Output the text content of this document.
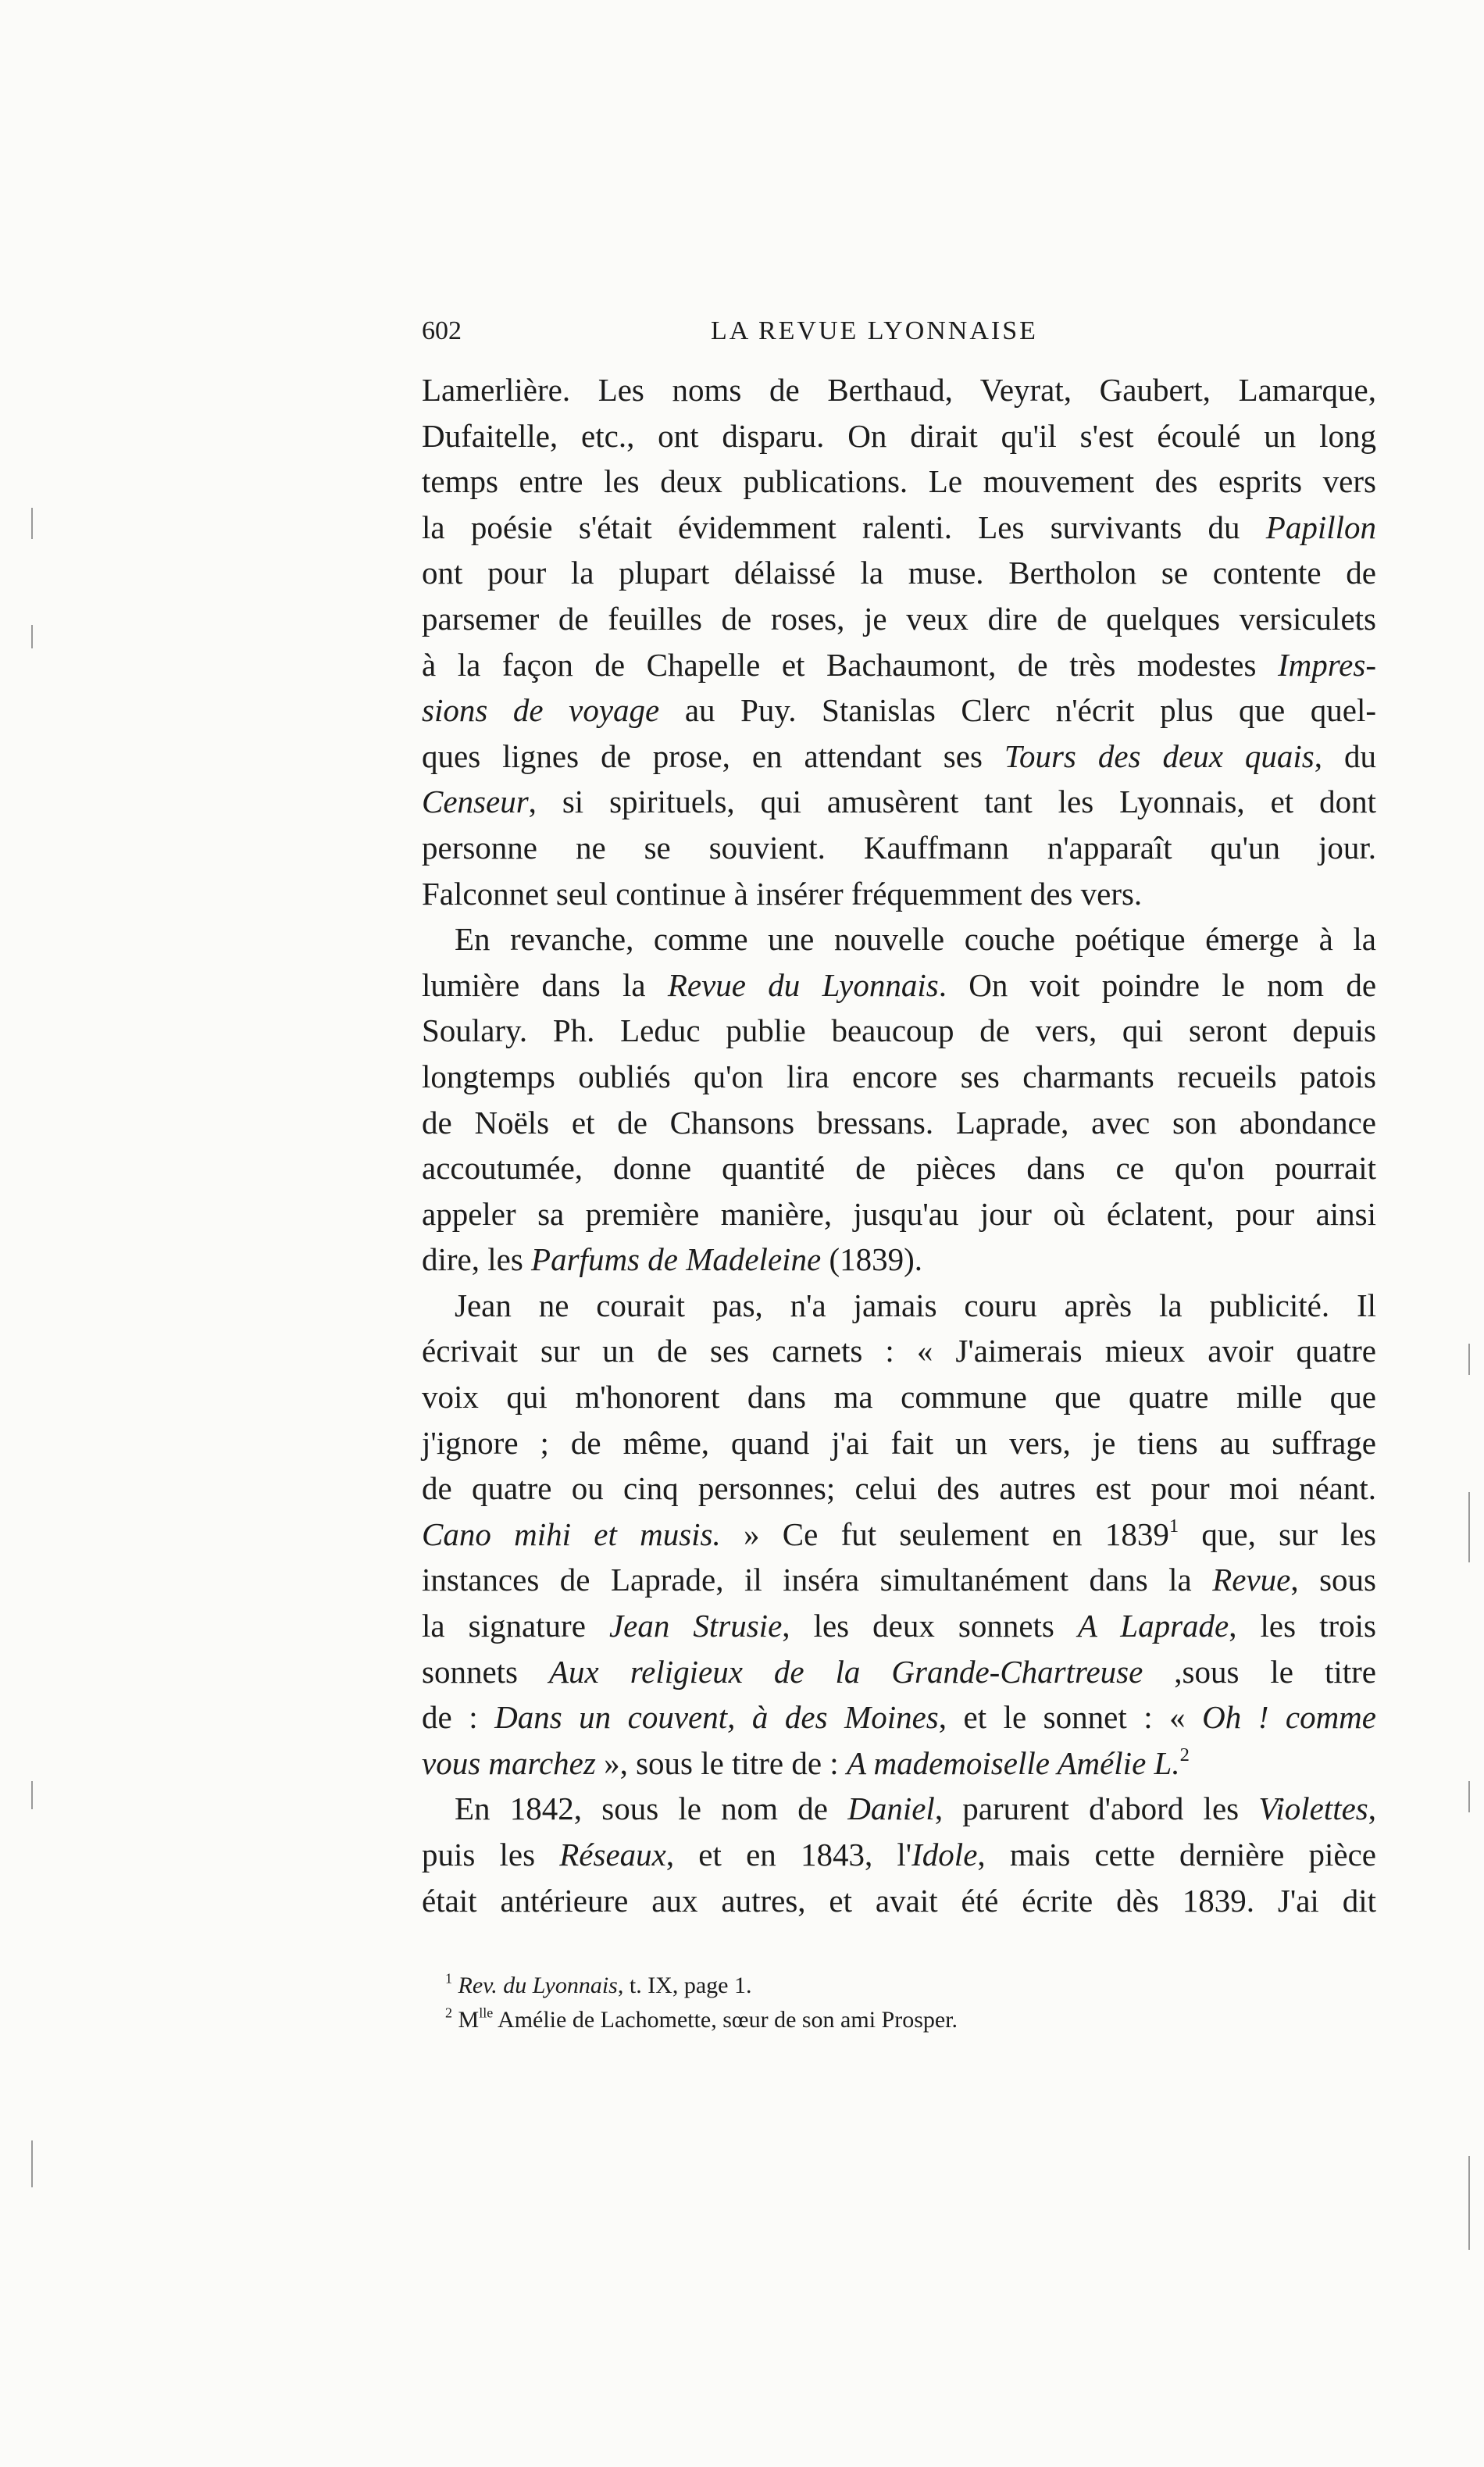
602	LA REVUE LYONNAISE
Lamerlière. Les noms de Berthaud, Veyrat, Gaubert, Lamarque,
Dufaitelle, etc., ont disparu. On dirait qu'il s'est écoulé un long
temps entre les deux publications. Le mouvement des esprits vers
la poésie s'était évidemment ralenti. Les survivants du Papillon
ont pour la plupart délaissé la muse. Bertholon se contente de
parsemer de feuilles de roses, je veux dire de quelques versiculets
à la façon de Chapelle et Bachaumont, de très modestes Impres-
sions de voyage au Puy. Stanislas Clerc n'écrit plus que quel-
ques lignes de prose, en attendant ses Tours des deux quais, du
Censeur, si spirituels, qui amusèrent tant les Lyonnais, et dont
personne ne se souvient. Kauffmann n'apparaît qu'un jour.
Falconnet seul continue à insérer fréquemment des vers.
En revanche, comme une nouvelle couche poétique émerge à la
lumière dans la Revue du Lyonnais. On voit poindre le nom de
Soulary. Ph. Leduc publie beaucoup de vers, qui seront depuis
longtemps oubliés qu'on lira encore ses charmants recueils patois
de Noëls et de Chansons bressans. Laprade, avec son abondance
accoutumée, donne quantité de pièces dans ce qu'on pourrait
appeler sa première manière, jusqu'au jour où éclatent, pour ainsi
dire, les Parfums de Madeleine (1839).
Jean ne courait pas, n'a jamais couru après la publicité. Il
écrivait sur un de ses carnets : « J'aimerais mieux avoir quatre
voix qui m'honorent dans ma commune que quatre mille que
j'ignore ; de même, quand j'ai fait un vers, je tiens au suffrage
de quatre ou cinq personnes; celui des autres est pour moi néant.
Cano mihi et musis. » Ce fut seulement en 1839$^1$ que, sur les
instances de Laprade, il inséra simultanément dans la Revue, sous
la signature Jean Strusie, les deux sonnets A Laprade, les trois
sonnets Aux religieux de la Grande-Chartreuse ,sous le titre
de : Dans un couvent, à des Moines, et le sonnet : « Oh ! comme
vous marchez », sous le titre de : A mademoiselle Amélie L.$^2$
En 1842, sous le nom de Daniel, parurent d'abord les Violettes,
puis les Réseaux, et en 1843, l'Idole, mais cette dernière pièce
était antérieure aux autres, et avait été écrite dès 1839. J'ai dit
$^1$ Rev. du Lyonnais, t. IX, page 1.
$^2$ $M^{lle}$ Amélie de Lachomette, sœur de son ami Prosper.
